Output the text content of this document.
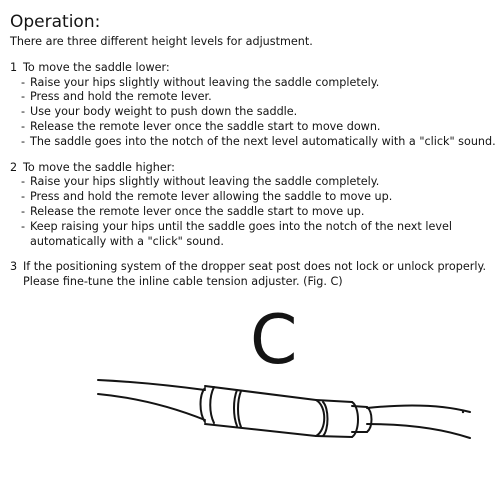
Operation:
There are three different height levels for adjustment.
1 To move the saddle lower:
- Raise your hips slightly without leaving the saddle completely.
- Press and hold the remote lever.
- Use your body weight to push down the saddle.
- Release the remote lever once the saddle start to move down.
- The saddle goes into the notch of the next level automatically with a "click" sound.
2 To move the saddle higher:
- Raise your hips slightly without leaving the saddle completely.
- Press and hold the remote lever allowing the saddle to move up.
- Release the remote lever once the saddle start to move up.
- Keep raising your hips until the saddle goes into the notch of the next level
automatically with a "click" sound.
3 If the positioning system of the dropper seat post does not lock or unlock properly.
Please fine-tune the inline cable tension adjuster. (Fig. C)
C
